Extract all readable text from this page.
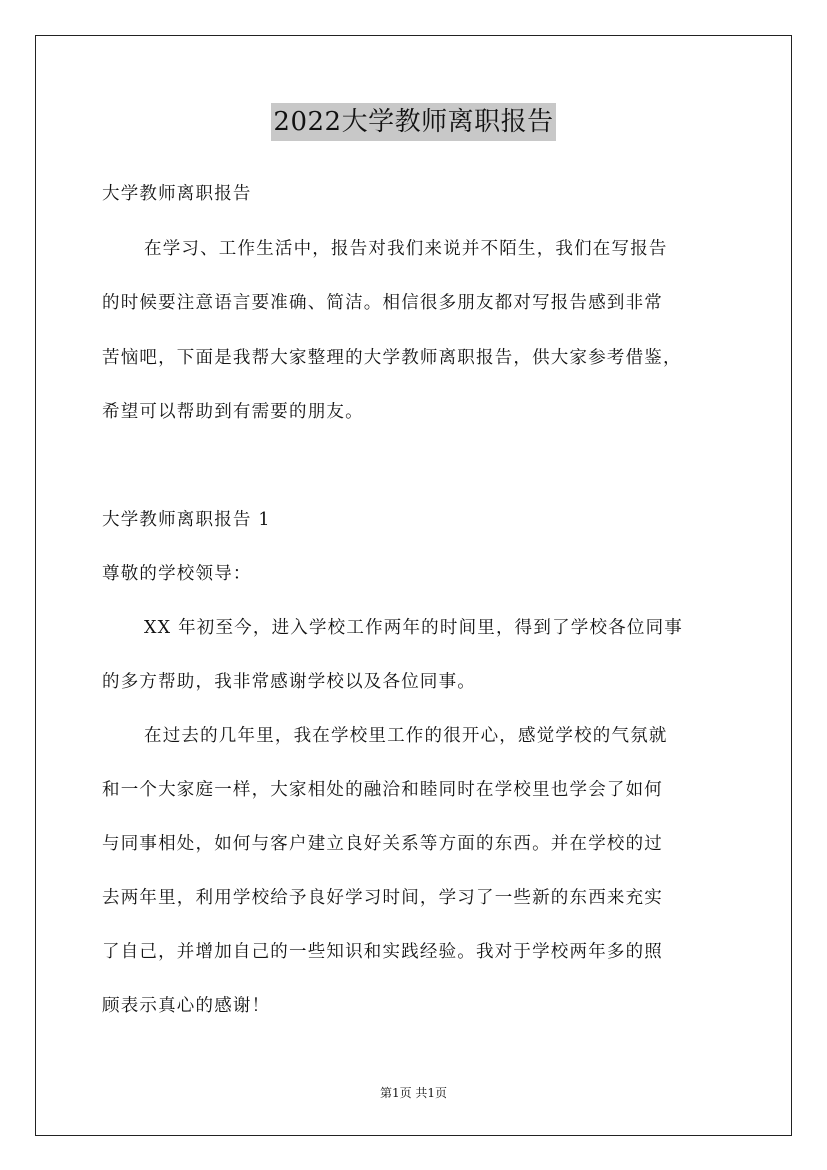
2022大学教师离职报告
大学教师离职报告
在学习、工作生活中，报告对我们来说并不陌生，我们在写报告
的时候要注意语言要准确、简洁。相信很多朋友都对写报告感到非常
苦恼吧，下面是我帮大家整理的大学教师离职报告，供大家参考借鉴，
希望可以帮助到有需要的朋友。
大学教师离职报告 1
尊敬的学校领导：
XX 年初至今，进入学校工作两年的时间里，得到了学校各位同事
的多方帮助，我非常感谢学校以及各位同事。
在过去的几年里，我在学校里工作的很开心，感觉学校的气氛就
和一个大家庭一样，大家相处的融洽和睦同时在学校里也学会了如何
与同事相处，如何与客户建立良好关系等方面的东西。并在学校的过
去两年里，利用学校给予良好学习时间，学习了一些新的东西来充实
了自己，并增加自己的一些知识和实践经验。我对于学校两年多的照
顾表示真心的感谢！
第1页 共1页
